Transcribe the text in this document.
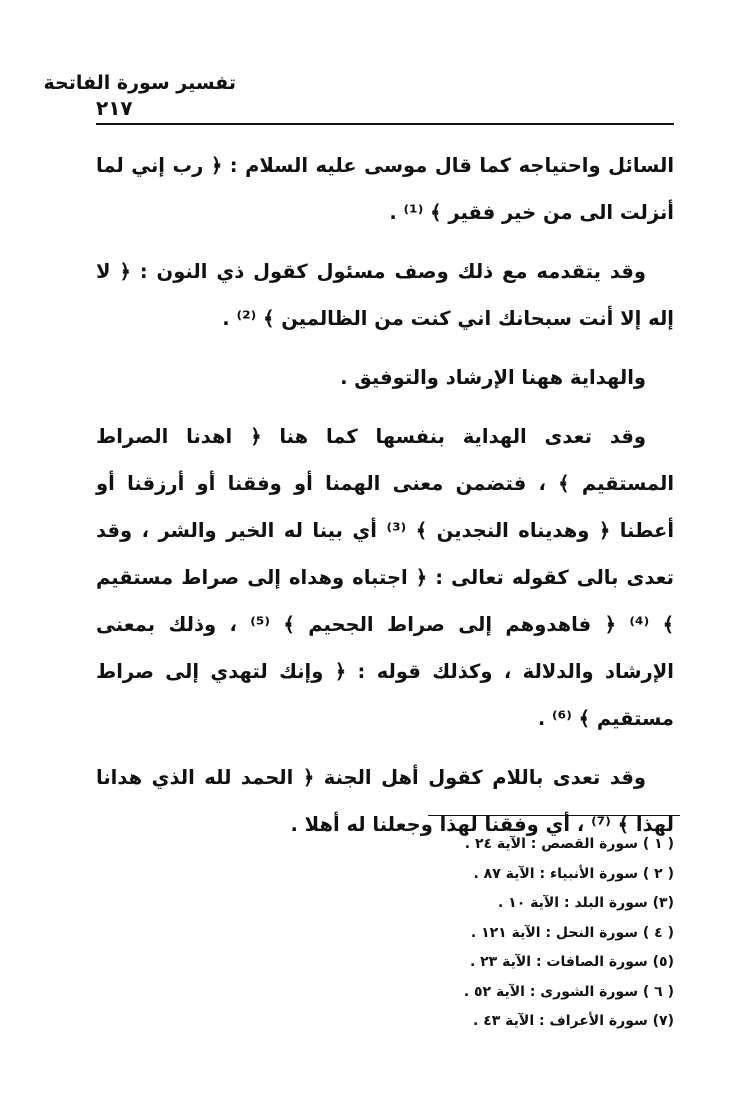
تفسير سورة الفاتحة
٢١٧

السائل واحتياجه كما قال موسى عليه السلام : ﴿ رب إني لما أنزلت الى من خير فقير ﴾ ⁽¹⁾ .

وقد يتقدمه مع ذلك وصف مسئول كقول ذي النون : ﴿ لا إله إلا أنت سبحانك اني كنت من الظالمين ﴾ ⁽²⁾ .

والهداية ههنا الإرشاد والتوفيق .

وقد تعدى الهداية بنفسها كما هنا ﴿ اهدنا الصراط المستقيم ﴾ ، فتضمن معنى الهمنا أو وفقنا أو أرزقنا أو أعطنا ﴿ وهديناه النجدين ﴾ ⁽³⁾ أي بينا له الخير والشر ، وقد تعدى بالى كقوله تعالى : ﴿ اجتباه وهداه إلى صراط مستقيم ﴾ ⁽⁴⁾ ﴿ فاهدوهم إلى صراط الجحيم ﴾ ⁽⁵⁾ ، وذلك بمعنى الإرشاد والدلالة ، وكذلك قوله : ﴿ وإنك لتهدي إلى صراط مستقيم ﴾ ⁽⁶⁾ .

وقد تعدى باللام كقول أهل الجنة ﴿ الحمد لله الذي هدانا لهذا ﴾ ⁽⁷⁾ ، أي وفقنا لهذا وجعلنا له أهلا .

( ١ ) سورة القصص : الآية ٢٤ .
( ٢ ) سورة الأنبياء : الآية ٨٧ .
(٣) سورة البلد : الآية ١٠ .
( ٤ ) سورة النحل : الآية ١٢١ .
(٥) سورة الصافات : الآية ٢٣ .
( ٦ ) سورة الشورى : الآية ٥٢ .
(٧) سورة الأعراف : الآية ٤٣ .
